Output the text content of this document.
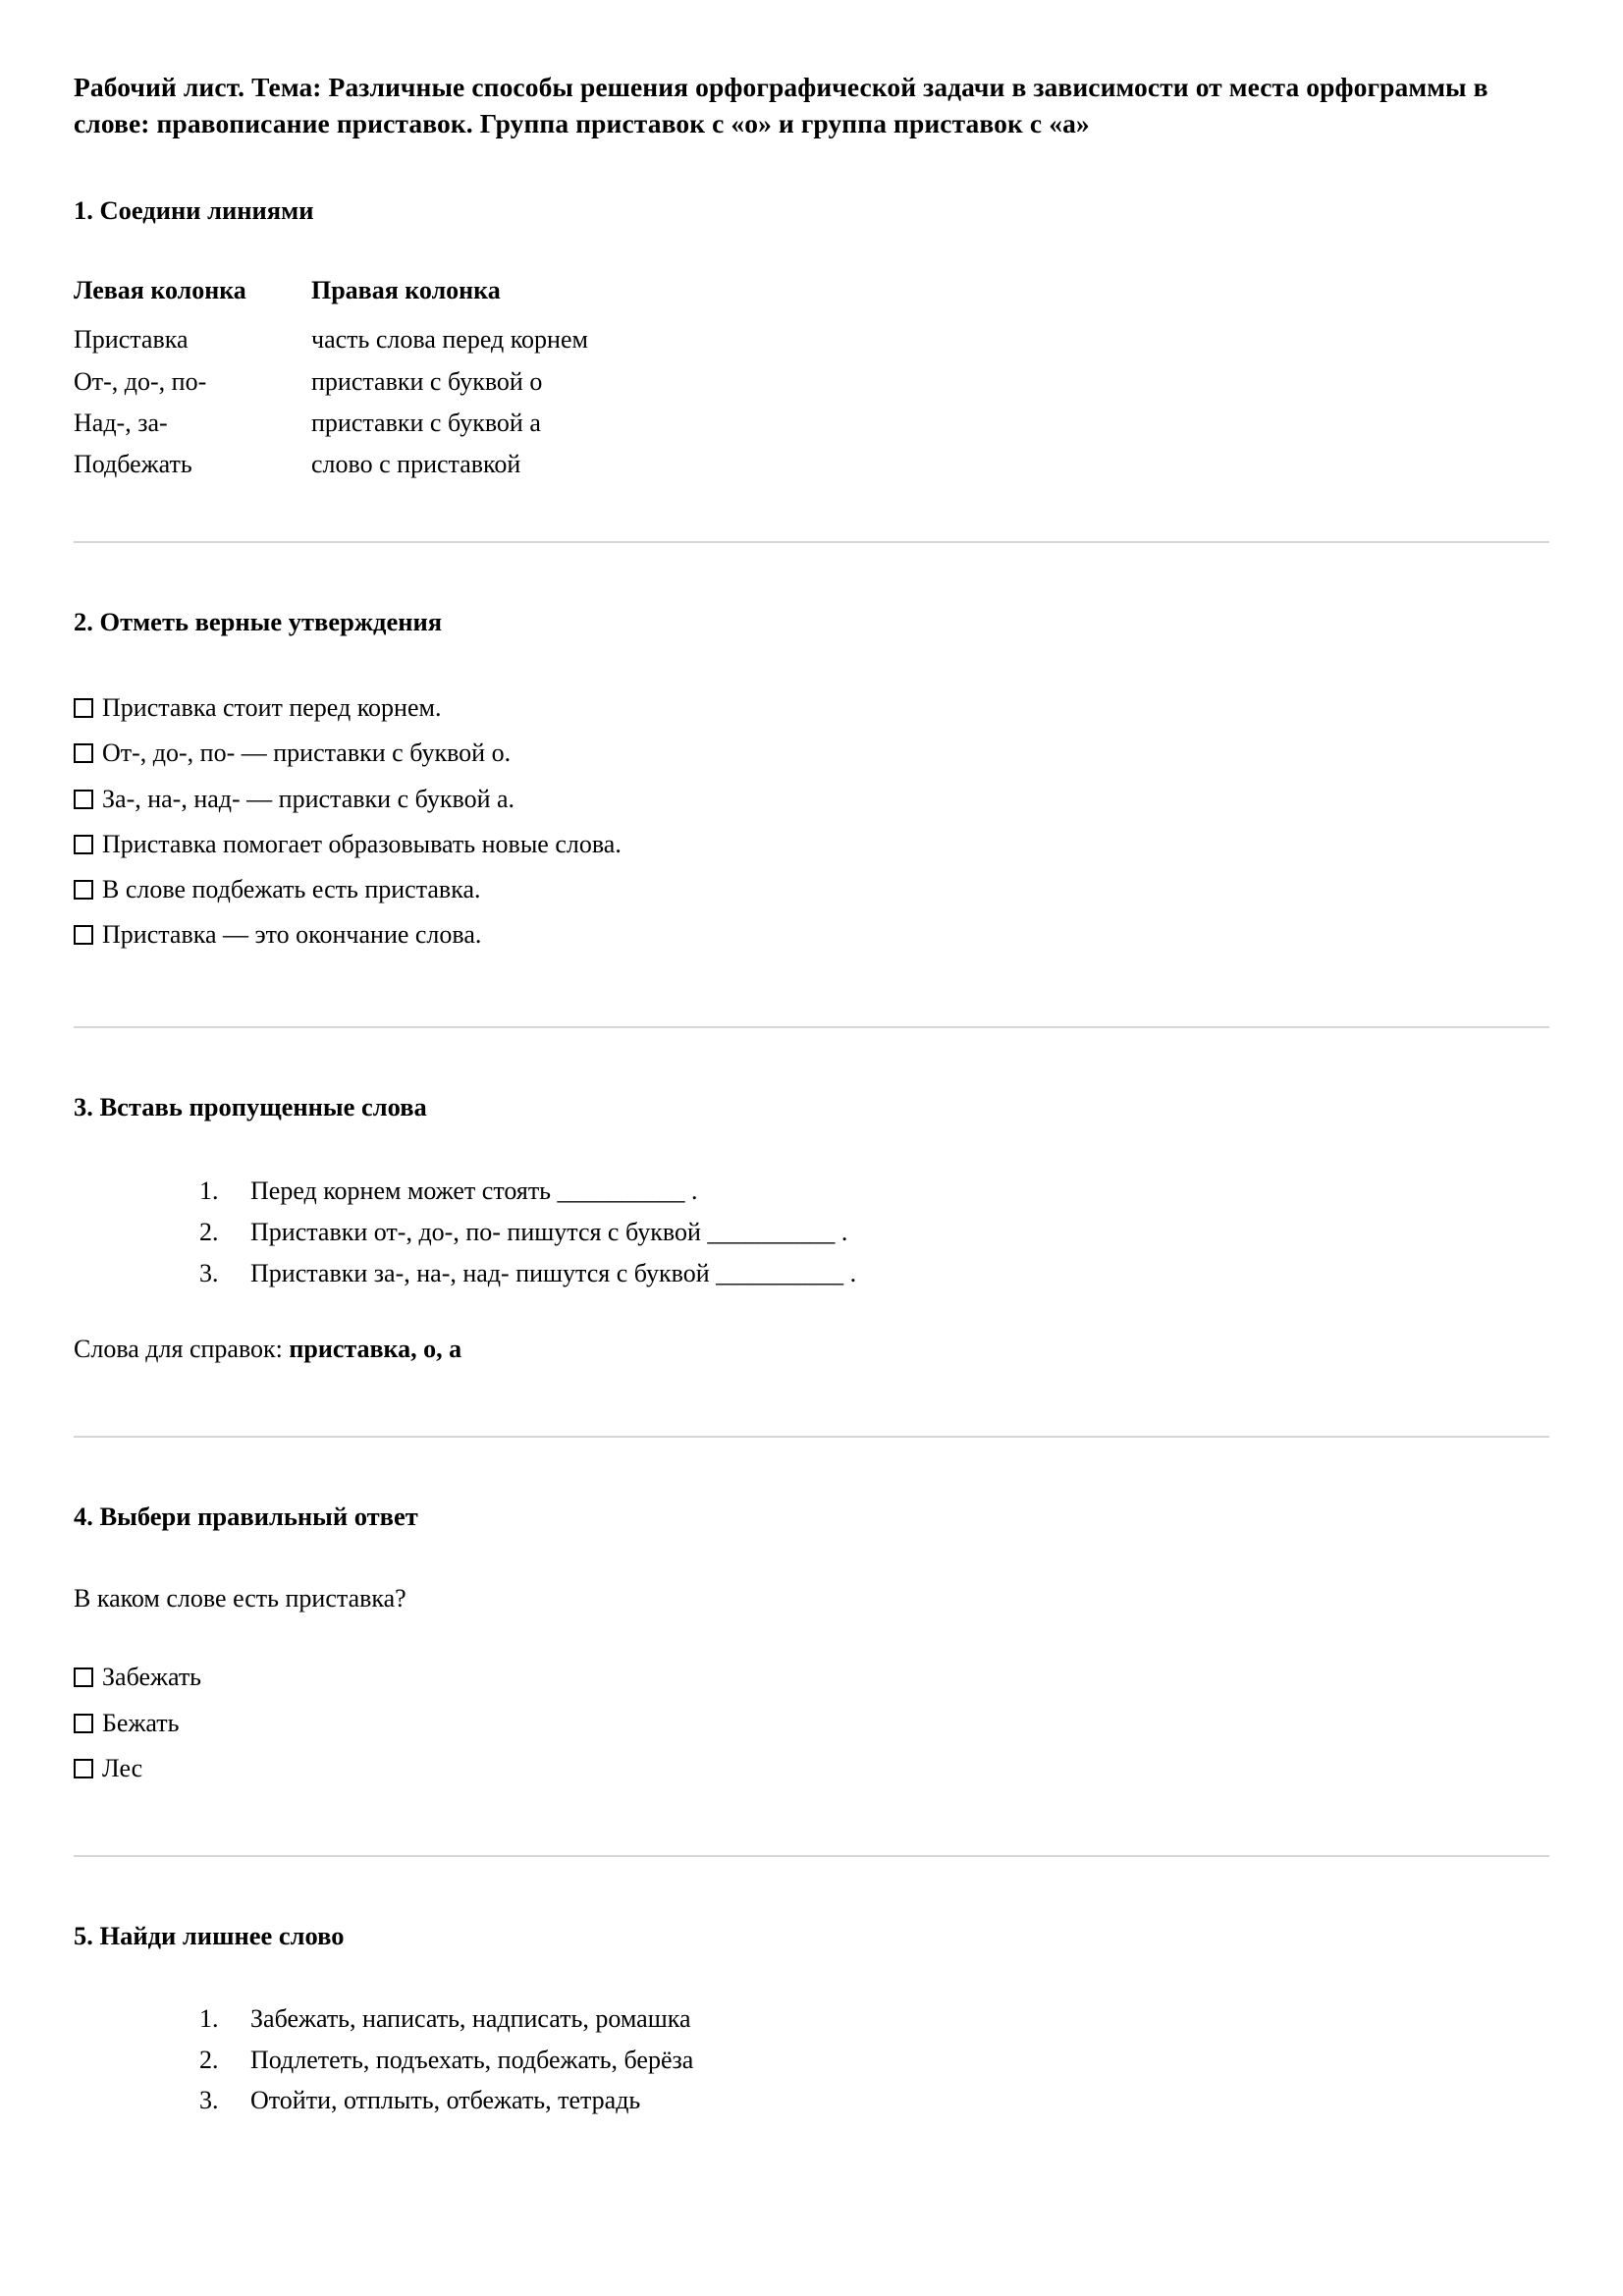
Рабочий лист. Тема: Различные способы решения орфографической задачи в зависимости от места орфограммы в слове: правописание приставок. Группа приставок с «о» и группа приставок с «а»
1. Соедини линиями
Левая колонка	Правая колонка
Приставка	часть слова перед корнем
От-, до-, по-	приставки с буквой о
Над-, за-	приставки с буквой а
Подбежать	слово с приставкой
2. Отметь верные утверждения
Приставка стоит перед корнем.
От-, до-, по- — приставки с буквой о.
За-, на-, над- — приставки с буквой а.
Приставка помогает образовывать новые слова.
В слове подбежать есть приставка.
Приставка — это окончание слова.
3. Вставь пропущенные слова
Перед корнем может стоять __________ .
Приставки от-, до-, по- пишутся с буквой __________ .
Приставки за-, на-, над- пишутся с буквой __________ .

Слова для справок: приставка, о, а

4. Выбери правильный ответ

В каком слове есть приставка?

Забежать
Бежать
Лес
5. Найди лишнее слово
Забежать, написать, надписать, ромашка
Подлететь, подъехать, подбежать, берёза
Отойти, отплыть, отбежать, тетрадь
